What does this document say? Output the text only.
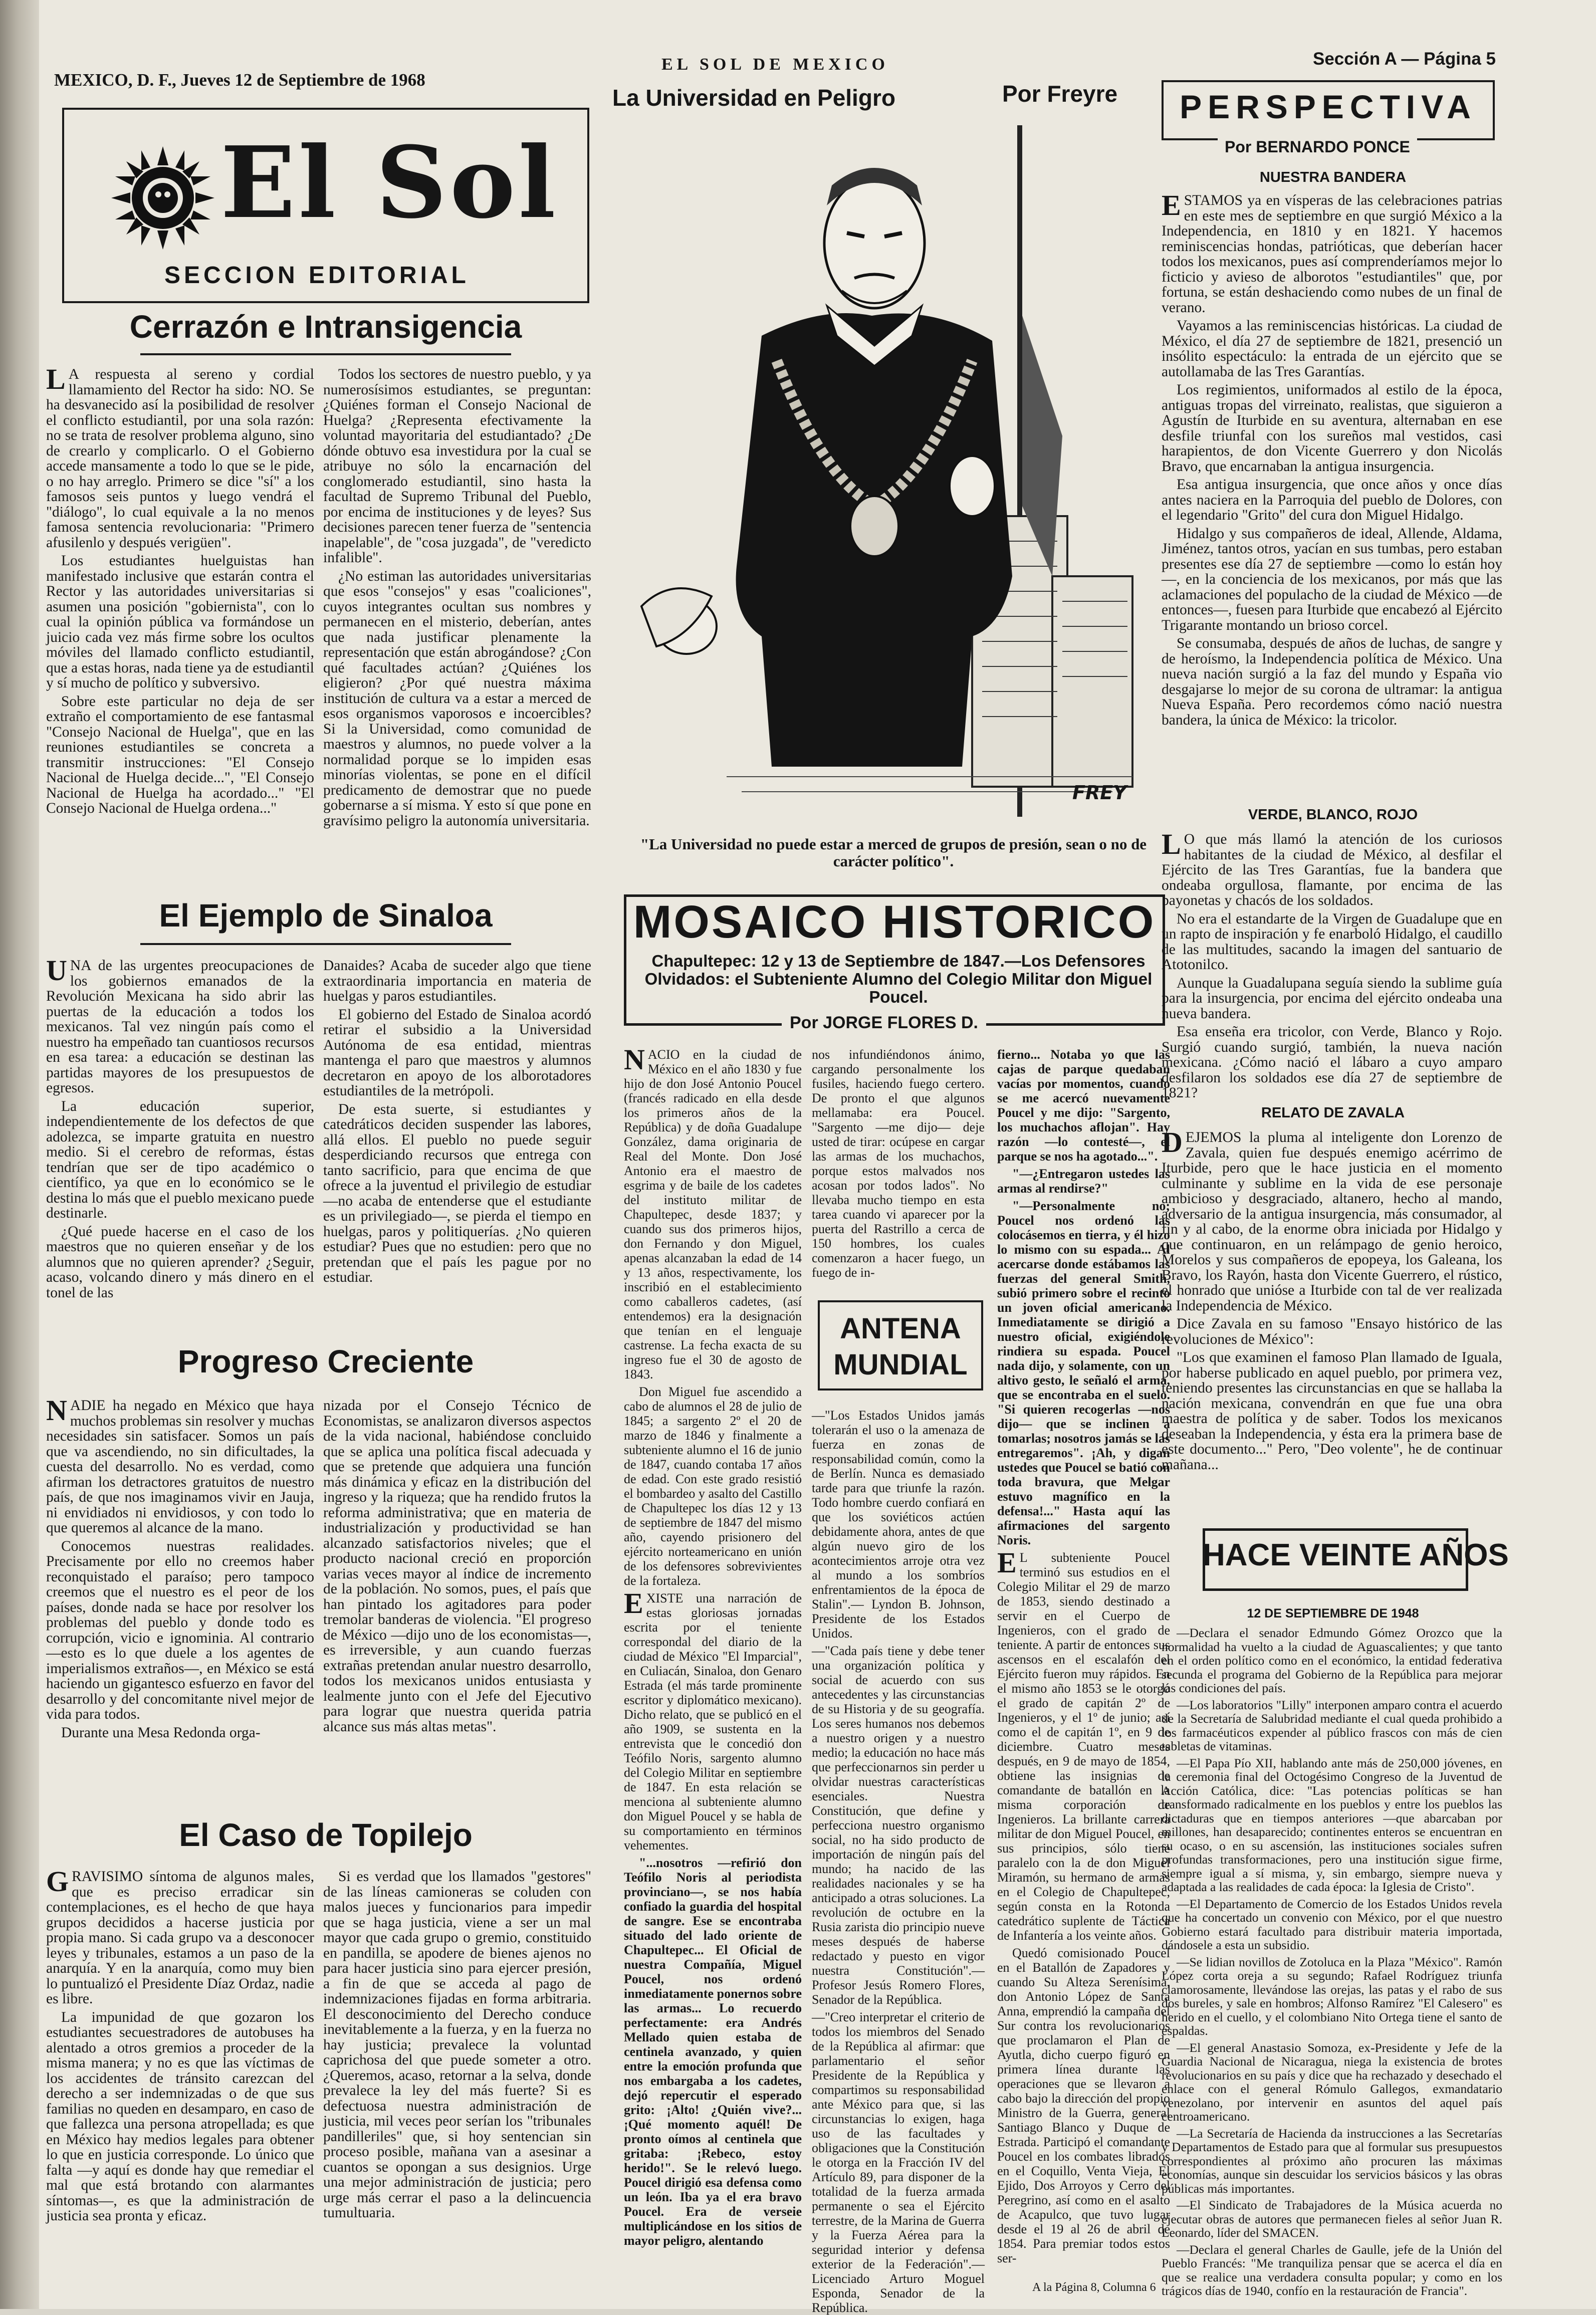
MEXICO, D. F., Jueves 12 de Septiembre de 1968
EL SOL DE MEXICO	Sección A — Página 5
El Sol
SECCION EDITORIAL
Cerrazón e Intransigencia

LA respuesta al sereno y cordial llamamiento del Rector ha sido: NO. Se ha desvanecido así la posibilidad de resolver el conflicto estudiantil, por una sola razón: no se trata de resolver problema alguno, sino de crearlo y complicarlo. O el Gobierno accede mansamente a todo lo que se le pide, o no hay arreglo. Primero se dice "sí" a los famosos seis puntos y luego vendrá el "diálogo", lo cual equivale a la no menos famosa sentencia revolucionaria: "Primero afusilenlo y después verigüen".

Los estudiantes huelguistas han manifestado inclusive que estarán contra el Rector y las autoridades universitarias si asumen una posición "gobiernista", con lo cual la opinión pública va formándose un juicio cada vez más firme sobre los ocultos móviles del llamado conflicto estudiantil, que a estas horas, nada tiene ya de estudiantil y sí mucho de político y subversivo.

Sobre este particular no deja de ser extraño el comportamiento de ese fantasmal "Consejo Nacional de Huelga", que en las reuniones estudiantiles se concreta a transmitir instrucciones: "El Consejo Nacional de Huelga decide...", "El Consejo Nacional de Huelga ha acordado..." "El Consejo Nacional de Huelga ordena..."

Todos los sectores de nuestro pueblo, y ya numerosísimos estudiantes, se preguntan: ¿Quiénes forman el Consejo Nacional de Huelga? ¿Representa efectivamente la voluntad mayoritaria del estudiantado? ¿De dónde obtuvo esa investidura por la cual se atribuye no sólo la encarnación del conglomerado estudiantil, sino hasta la facultad de Supremo Tribunal del Pueblo, por encima de instituciones y de leyes? Sus decisiones parecen tener fuerza de "sentencia inapelable", de "cosa juzgada", de "veredicto infalible".

¿No estiman las autoridades universitarias que esos "consejos" y esas "coaliciones", cuyos integrantes ocultan sus nombres y permanecen en el misterio, deberían, antes que nada justificar plenamente la representación que están abrogándose? ¿Con qué facultades actúan? ¿Quiénes los eligieron? ¿Por qué nuestra máxima institución de cultura va a estar a merced de esos organismos vaporosos e incoercibles? Si la Universidad, como comunidad de maestros y alumnos, no puede volver a la normalidad porque se lo impiden esas minorías violentas, se pone en el difícil predicamento de demostrar que no puede gobernarse a sí misma. Y esto sí que pone en gravísimo peligro la autonomía universitaria.

El Ejemplo de Sinaloa

UNA de las urgentes preocupaciones de los gobiernos emanados de la Revolución Mexicana ha sido abrir las puertas de la educación a todos los mexicanos. Tal vez ningún país como el nuestro ha empeñado tan cuantiosos recursos en esa tarea: a educación se destinan las partidas mayores de los presupuestos de egresos.

La educación superior, independientemente de los defectos de que adolezca, se imparte gratuita en nuestro medio. Si el cerebro de reformas, éstas tendrían que ser de tipo académico o científico, ya que en lo económico se le destina lo más que el pueblo mexicano puede destinarle.

¿Qué puede hacerse en el caso de los maestros que no quieren enseñar y de los alumnos que no quieren aprender? ¿Seguir, acaso, volcando dinero y más dinero en el tonel de las

Danaides? Acaba de suceder algo que tiene extraordinaria importancia en materia de huelgas y paros estudiantiles.

El gobierno del Estado de Sinaloa acordó retirar el subsidio a la Universidad Autónoma de esa entidad, mientras mantenga el paro que maestros y alumnos decretaron en apoyo de los alborotadores estudiantiles de la metrópoli.

De esta suerte, si estudiantes y catedráticos deciden suspender las labores, allá ellos. El pueblo no puede seguir desperdiciando recursos que entrega con tanto sacrificio, para que encima de que ofrece a la juventud el privilegio de estudiar —no acaba de entenderse que el estudiante es un privilegiado—, se pierda el tiempo en huelgas, paros y politiquerías. ¿No quieren estudiar? Pues que no estudien: pero que no pretendan que el país les pague por no estudiar.

Progreso Creciente

NADIE ha negado en México que haya muchos problemas sin resolver y muchas necesidades sin satisfacer. Somos un país que va ascendiendo, no sin dificultades, la cuesta del desarrollo. No es verdad, como afirman los detractores gratuitos de nuestro país, de que nos imaginamos vivir en Jauja, ni envidiados ni envidiosos, y con todo lo que queremos al alcance de la mano.

Conocemos nuestras realidades. Precisamente por ello no creemos haber reconquistado el paraíso; pero tampoco creemos que el nuestro es el peor de los países, donde nada se hace por resolver los problemas del pueblo y donde todo es corrupción, vicio e ignominia. Al contrario —esto es lo que duele a los agentes de imperialismos extraños—, en México se está haciendo un gigantesco esfuerzo en favor del desarrollo y del concomitante nivel mejor de vida para todos.

Durante una Mesa Redonda orga-

nizada por el Consejo Técnico de Economistas, se analizaron diversos aspectos de la vida nacional, habiéndose concluido que se aplica una política fiscal adecuada y que se pretende que adquiera una función más dinámica y eficaz en la distribución del ingreso y la riqueza; que ha rendido frutos la reforma administrativa; que en materia de industrialización y productividad se han alcanzado satisfactorios niveles; que el producto nacional creció en proporción varias veces mayor al índice de incremento de la población. No somos, pues, el país que han pintado los agitadores para poder tremolar banderas de violencia. "El progreso de México —dijo uno de los economistas—, es irreversible, y aun cuando fuerzas extrañas pretendan anular nuestro desarrollo, todos los mexicanos unidos entusiasta y lealmente junto con el Jefe del Ejecutivo para lograr que nuestra querida patria alcance sus más altas metas".

El Caso de Topilejo

GRAVISIMO síntoma de algunos males, que es preciso erradicar sin contemplaciones, es el hecho de que haya grupos decididos a hacerse justicia por propia mano. Si cada grupo va a desconocer leyes y tribunales, estamos a un paso de la anarquía. Y en la anarquía, como muy bien lo puntualizó el Presidente Díaz Ordaz, nadie es libre.

La impunidad de que gozaron los estudiantes secuestradores de autobuses ha alentado a otros gremios a proceder de la misma manera; y no es que las víctimas de los accidentes de tránsito carezcan del derecho a ser indemnizadas o de que sus familias no queden en desamparo, en caso de que fallezca una persona atropellada; es que en México hay medios legales para obtener lo que en justicia corresponde. Lo único que falta —y aquí es donde hay que remediar el mal que está brotando con alarmantes síntomas—, es que la administración de justicia sea pronta y eficaz.

Si es verdad que los llamados "gestores" de las líneas camioneras se coluden con malos jueces y funcionarios para impedir que se haga justicia, viene a ser un mal mayor que cada grupo o gremio, constituido en pandilla, se apodere de bienes ajenos no para hacer justicia sino para ejercer presión, a fin de que se acceda al pago de indemnizaciones fijadas en forma arbitraria. El desconocimiento del Derecho conduce inevitablemente a la fuerza, y en la fuerza no hay justicia; prevalece la voluntad caprichosa del que puede someter a otro. ¿Queremos, acaso, retornar a la selva, donde prevalece la ley del más fuerte? Si es defectuosa nuestra administración de justicia, mil veces peor serían los "tribunales pandilleriles" que, si hoy sentencian sin proceso posible, mañana van a asesinar a cuantos se opongan a sus designios. Urge una mejor administración de justicia; pero urge más cerrar el paso a la delincuencia tumultuaria.

La Universidad en Peligro	Por Freyre
FREY
"La Universidad no puede estar a merced de grupos de presión, sean o no de carácter político".
MOSAICO HISTORICO
Chapultepec: 12 y 13 de Septiembre de 1847.—Los Defensores Olvidados: el Subteniente Alumno del Colegio Militar don Miguel Poucel.
Por JORGE FLORES D.

NACIO en la ciudad de México en el año 1830 y fue hijo de don José Antonio Poucel (francés radicado en ella desde los primeros años de la República) y de doña Guadalupe González, dama originaria de Real del Monte. Don José Antonio era el maestro de esgrima y de baile de los cadetes del instituto militar de Chapultepec, desde 1837; y cuando sus dos primeros hijos, don Fernando y don Miguel, apenas alcanzaban la edad de 14 y 13 años, respectivamente, los inscribió en el establecimiento como caballeros cadetes, (así entendemos) era la designación que tenían en el lenguaje castrense. La fecha exacta de su ingreso fue el 30 de agosto de 1843.

Don Miguel fue ascendido a cabo de alumnos el 28 de julio de 1845; a sargento 2º el 20 de marzo de 1846 y finalmente a subteniente alumno el 16 de junio de 1847, cuando contaba 17 años de edad. Con este grado resistió el bombardeo y asalto del Castillo de Chapultepec los días 12 y 13 de septiembre de 1847 del mismo año, cayendo prisionero del ejército norteamericano en unión de los defensores sobrevivientes de la fortaleza.

EXISTE una narración de estas gloriosas jornadas escrita por el teniente correspondal del diario de la ciudad de México "El Imparcial", en Culiacán, Sinaloa, don Genaro Estrada (el más tarde prominente escritor y diplomático mexicano). Dicho relato, que se publicó en el año 1909, se sustenta en la entrevista que le concedió don Teófilo Noris, sargento alumno del Colegio Militar en septiembre de 1847. En esta relación se menciona al subteniente alumno don Miguel Poucel y se habla de su comportamiento en términos vehementes.

"...nosotros —refirió don Teófilo Noris al periodista provinciano—, se nos había confiado la guardia del hospital de sangre. Ese se encontraba situado del lado oriente de Chapultepec... El Oficial de nuestra Compañía, Miguel Poucel, nos ordenó inmediatamente ponernos sobre las armas... Lo recuerdo perfectamente: era Andrés Mellado quien estaba de centinela avanzado, y quien entre la emoción profunda que nos embargaba a los cadetes, dejó repercutir el esperado grito: ¡Alto! ¿Quién vive?... ¡Qué momento aquél! De pronto oímos al centinela que gritaba: ¡Rebeco, estoy herido!". Se le relevó luego. Poucel dirigió esa defensa como un león. Iba ya el era bravo Poucel. Era de verseie multiplicándose en los sitios de mayor peligro, alentando

nos infundiéndonos ánimo, cargando personalmente los fusiles, haciendo fuego certero. De pronto el que algunos mellamaba: era Poucel. "Sargento —me dijo— deje usted de tirar: ocúpese en cargar las armas de los muchachos, porque estos malvados nos acosan por todos lados". No llevaba mucho tiempo en esta tarea cuando vi aparecer por la puerta del Rastrillo a cerca de 150 hombres, los cuales comenzaron a hacer fuego, un fuego de in-

fierno... Notaba yo que las cajas de parque quedaban vacías por momentos, cuando se me acercó nuevamente Poucel y me dijo: "Sargento, los muchachos aflojan". Hay razón —lo contesté—, el parque se nos ha agotado...".

"—¿Entregaron ustedes las armas al rendirse?"

"—Personalmente no; Poucel nos ordenó las colocásemos en tierra, y él hizo lo mismo con su espada... Al acercarse donde estábamos las fuerzas del general Smith, subió primero sobre el recinto un joven oficial americano. Inmediatamente se dirigió a nuestro oficial, exigiéndole rindiera su espada. Poucel nada dijo, y solamente, con un altivo gesto, le señaló el arma, que se encontraba en el suelo. "Si quieren recogerlas —nos dijo— que se inclinen a tomarlas; nosotros jamás se las entregaremos". ¡Ah, y digan ustedes que Poucel se batió con toda bravura, que Melgar estuvo magnífico en la defensa!..." Hasta aquí las afirmaciones del sargento Noris.

EL subteniente Poucel terminó sus estudios en el Colegio Militar el 29 de marzo de 1853, siendo destinado a servir en el Cuerpo de Ingenieros, con el grado de teniente. A partir de entonces sus ascensos en el escalafón del Ejército fueron muy rápidos. En el mismo año 1853 se le otorgó el grado de capitán 2º de Ingenieros, y el 1º de junio; así como el de capitán 1º, en 9 de diciembre. Cuatro meses después, en 9 de mayo de 1854, obtiene las insignias de comandante de batallón en la misma corporación de Ingenieros. La brillante carrera militar de don Miguel Poucel, en sus principios, sólo tiene paralelo con la de don Miguel Miramón, su hermano de armas en el Colegio de Chapultepec, según consta en la Rotonda catedrático suplente de Táctica de Infantería a los veinte años.

Quedó comisionado Poucel en el Batallón de Zapadores y cuando Su Alteza Serenísima, don Antonio López de Santa Anna, emprendió la campaña del Sur contra los revolucionarios que proclamaron el Plan de Ayutla, dicho cuerpo figuró en primera línea durante las operaciones que se llevaron a cabo bajo la dirección del propio Ministro de la Guerra, general Santiago Blanco y Duque de Estrada. Participó el comandante Poucel en los combates librados en el Coquillo, Venta Vieja, El Ejido, Dos Arroyos y Cerro del Peregrino, así como en el asalto de Acapulco, que tuvo lugar desde el 19 al 26 de abril de 1854. Para premiar todos estos ser-

A la Página 8, Columna 6
ANTENA
MUNDIAL

—"Los Estados Unidos jamás tolerarán el uso o la amenaza de fuerza en zonas de responsabilidad común, como la de Berlín. Nunca es demasiado tarde para que triunfe la razón. Todo hombre cuerdo confiará en que los soviéticos actúen debidamente ahora, antes de que algún nuevo giro de los acontecimientos arroje otra vez al mundo a los sombríos enfrentamientos de la época de Stalin".— Lyndon B. Johnson, Presidente de los Estados Unidos.

—"Cada país tiene y debe tener una organización política y social de acuerdo con sus antecedentes y las circunstancias de su Historia y de su geografía. Los seres humanos nos debemos a nuestro origen y a nuestro medio; la educación no hace más que perfeccionarnos sin perder u olvidar nuestras características esenciales. Nuestra Constitución, que define y perfecciona nuestro organismo social, no ha sido producto de importación de ningún país del mundo; ha nacido de las realidades nacionales y se ha anticipado a otras soluciones. La revolución de octubre en la Rusia zarista dio principio nueve meses después de haberse redactado y puesto en vigor nuestra Constitución".— Profesor Jesús Romero Flores, Senador de la República.

—"Creo interpretar el criterio de todos los miembros del Senado de la República al afirmar: que parlamentario el señor Presidente de la República y compartimos su responsabilidad ante México para que, si las circunstancias lo exigen, haga uso de las facultades y obligaciones que la Constitución le otorga en la Fracción IV del Artículo 89, para disponer de la totalidad de la fuerza armada permanente o sea el Ejército terrestre, de la Marina de Guerra y la Fuerza Aérea para la seguridad interior y defensa exterior de la Federación".— Licenciado Arturo Moguel Esponda, Senador de la República.

PERSPECTIVA
Por BERNARDO PONCE
NUESTRA BANDERA

ESTAMOS ya en vísperas de las celebraciones patrias en este mes de septiembre en que surgió México a la Independencia, en 1810 y en 1821. Y hacemos reminiscencias hondas, patrióticas, que deberían hacer todos los mexicanos, pues así comprenderíamos mejor lo ficticio y avieso de alborotos "estudiantiles" que, por fortuna, se están deshaciendo como nubes de un final de verano.

Vayamos a las reminiscencias históricas. La ciudad de México, el día 27 de septiembre de 1821, presenció un insólito espectáculo: la entrada de un ejército que se autollamaba de las Tres Garantías.

Los regimientos, uniformados al estilo de la época, antiguas tropas del virreinato, realistas, que siguieron a Agustín de Iturbide en su aventura, alternaban en ese desfile triunfal con los sureños mal vestidos, casi harapientos, de don Vicente Guerrero y don Nicolás Bravo, que encarnaban la antigua insurgencia.

Esa antigua insurgencia, que once años y once días antes naciera en la Parroquia del pueblo de Dolores, con el legendario "Grito" del cura don Miguel Hidalgo.

Hidalgo y sus compañeros de ideal, Allende, Aldama, Jiménez, tantos otros, yacían en sus tumbas, pero estaban presentes ese día 27 de septiembre —como lo están hoy—, en la conciencia de los mexicanos, por más que las aclamaciones del populacho de la ciudad de México —de entonces—, fuesen para Iturbide que encabezó al Ejército Trigarante montando un brioso corcel.

Se consumaba, después de años de luchas, de sangre y de heroísmo, la Independencia política de México. Una nueva nación surgió a la faz del mundo y España vio desgajarse lo mejor de su corona de ultramar: la antigua Nueva España. Pero recordemos cómo nació nuestra bandera, la única de México: la tricolor.

VERDE, BLANCO, ROJO

LO que más llamó la atención de los curiosos habitantes de la ciudad de México, al desfilar el Ejército de las Tres Garantías, fue la bandera que ondeaba orgullosa, flamante, por encima de las bayonetas y chacós de los soldados.

No era el estandarte de la Virgen de Guadalupe que en un rapto de inspiración y fe enarboló Hidalgo, el caudillo de las multitudes, sacando la imagen del santuario de Atotonilco.

Aunque la Guadalupana seguía siendo la sublime guía para la insurgencia, por encima del ejército ondeaba una nueva bandera.

Esa enseña era tricolor, con Verde, Blanco y Rojo. Surgió cuando surgió, también, la nueva nación mexicana. ¿Cómo nació el lábaro a cuyo amparo desfilaron los soldados ese día 27 de septiembre de 1821?

RELATO DE ZAVALA

DEJEMOS la pluma al inteligente don Lorenzo de Zavala, quien fue después enemigo acérrimo de Iturbide, pero que le hace justicia en el momento culminante y sublime en la vida de ese personaje ambicioso y desgraciado, altanero, hecho al mando, adversario de la antigua insurgencia, más consumador, al fin y al cabo, de la enorme obra iniciada por Hidalgo y que continuaron, en un relámpago de genio heroico, Morelos y sus compañeros de epopeya, los Galeana, los Bravo, los Rayón, hasta don Vicente Guerrero, el rústico, el honrado que unióse a Iturbide con tal de ver realizada la Independencia de México.

Dice Zavala en su famoso "Ensayo histórico de las revoluciones de México":

"Los que examinen el famoso Plan llamado de Iguala, por haberse publicado en aquel pueblo, por primera vez, teniendo presentes las circunstancias en que se hallaba la nación mexicana, convendrán en que fue una obra maestra de política y de saber. Todos los mexicanos deseaban la Independencia, y ésta era la primera base de este documento..." Pero, "Deo volente", he de continuar mañana...

HACE VEINTE AÑOS
12 DE SEPTIEMBRE DE 1948

—Declara el senador Edmundo Gómez Orozco que la normalidad ha vuelto a la ciudad de Aguascalientes; y que tanto en el orden político como en el económico, la entidad federativa secunda el programa del Gobierno de la República para mejorar las condiciones del país.

—Los laboratorios "Lilly" interponen amparo contra el acuerdo de la Secretaría de Salubridad mediante el cual queda prohibido a los farmacéuticos expender al público frascos con más de cien tabletas de vitaminas.

—El Papa Pío XII, hablando ante más de 250,000 jóvenes, en la ceremonia final del Octogésimo Congreso de la Juventud de Acción Católica, dice: "Las potencias políticas se han transformado radicalmente en los pueblos y entre los pueblos las dictaduras que en tiempos anteriores —que abarcaban por millones, han desaparecido; continentes enteros se encuentran en su ocaso, o en su ascensión, las instituciones sociales sufren profundas transformaciones, pero una institución sigue firme, siempre igual a sí misma, y, sin embargo, siempre nueva y adaptada a las realidades de cada época: la Iglesia de Cristo".

—El Departamento de Comercio de los Estados Unidos revela que ha concertado un convenio con México, por el que nuestro Gobierno estará facultado para distribuir materia importada, dándosele a esta un subsidio.

—Se lidian novillos de Zotoluca en la Plaza "México". Ramón López corta oreja a su segundo; Rafael Rodríguez triunfa clamorosamente, llevándose las orejas, las patas y el rabo de sus dos bureles, y sale en hombros; Alfonso Ramírez "El Calesero" es herido en el cuello, y el colombiano Nito Ortega tiene el santo de espaldas.

—El general Anastasio Somoza, ex-Presidente y Jefe de la Guardia Nacional de Nicaragua, niega la existencia de brotes revolucionarios en su país y dice que ha rechazado y desechado el enlace con el general Rómulo Gallegos, exmandatario venezolano, por intervenir en asuntos del aquel país centroamericano.

—La Secretaría de Hacienda da instrucciones a las Secretarías y Departamentos de Estado para que al formular sus presupuestos correspondientes al próximo año procuren las máximas economías, aunque sin descuidar los servicios básicos y las obras públicas más importantes.

—El Sindicato de Trabajadores de la Música acuerda no ejecutar obras de autores que permanecen fieles al señor Juan R. Leonardo, líder del SMACEN.

—Declara el general Charles de Gaulle, jefe de la Unión del Pueblo Francés: "Me tranquiliza pensar que se acerca el día en que se realice una verdadera consulta popular; y como en los trágicos días de 1940, confío en la restauración de Francia".
